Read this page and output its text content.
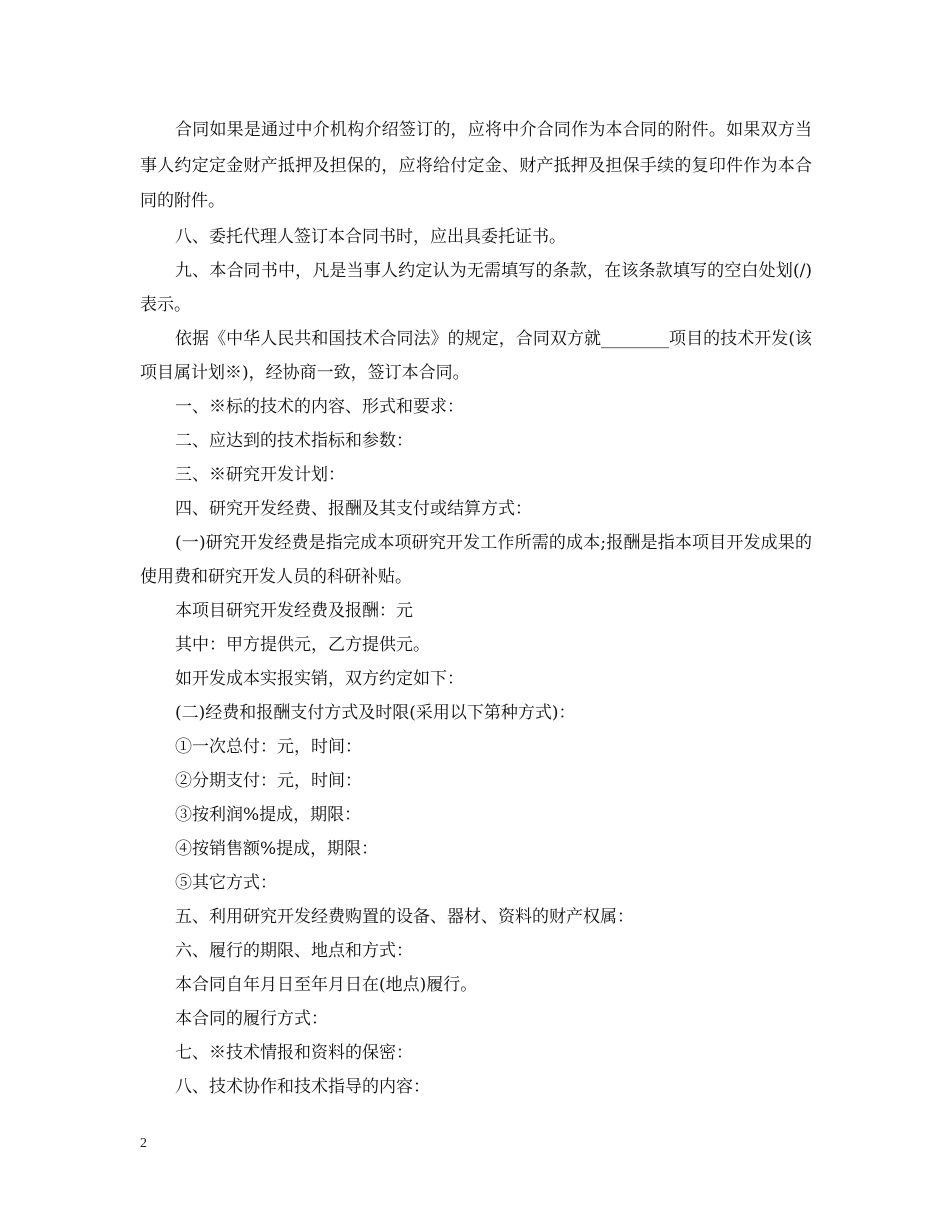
合同如果是通过中介机构介绍签订的，应将中介合同作为本合同的附件。如果双方当事人约定定金财产抵押及担保的，应将给付定金、财产抵押及担保手续的复印件作为本合同的附件。

八、委托代理人签订本合同书时，应出具委托证书。

九、本合同书中，凡是当事人约定认为无需填写的条款，在该条款填写的空白处划(/)表示。

依据《中华人民共和国技术合同法》的规定，合同双方就________项目的技术开发(该项目属计划※)，经协商一致，签订本合同。

一、※标的技术的内容、形式和要求：

二、应达到的技术指标和参数：

三、※研究开发计划：

四、研究开发经费、报酬及其支付或结算方式：

(一)研究开发经费是指完成本项研究开发工作所需的成本;报酬是指本项目开发成果的使用费和研究开发人员的科研补贴。

本项目研究开发经费及报酬：元

其中：甲方提供元，乙方提供元。

如开发成本实报实销，双方约定如下：

(二)经费和报酬支付方式及时限(采用以下第种方式)：

①一次总付：元，时间：

②分期支付：元，时间：

③按利润%提成，期限：

④按销售额%提成，期限：

⑤其它方式：

五、利用研究开发经费购置的设备、器材、资料的财产权属：

六、履行的期限、地点和方式：

本合同自年月日至年月日在(地点)履行。

本合同的履行方式：

七、※技术情报和资料的保密：

八、技术协作和技术指导的内容：

2
